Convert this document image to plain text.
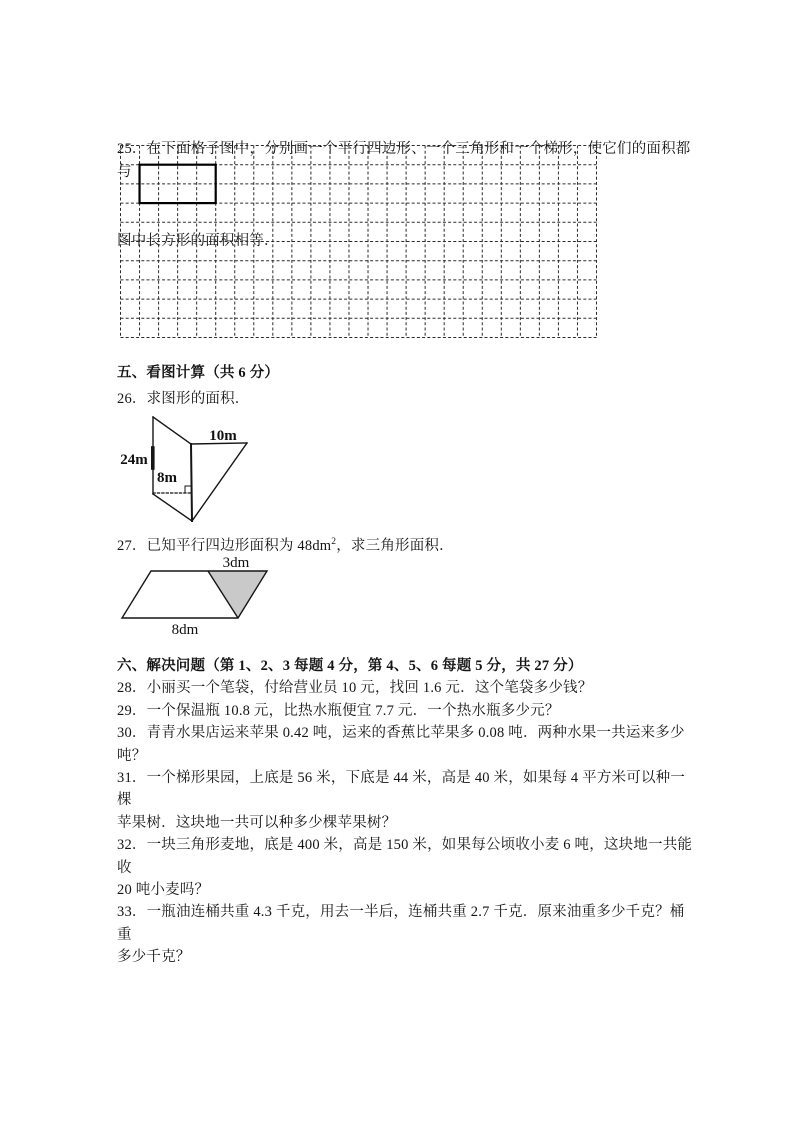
25．在下面格子图中，分别画一个平行四边形、一个三角形和一个梯形，使它们的面积都与

图中长方形的面积相等．

五、看图计算（共 6 分）
26．求图形的面积．
10m
24m
8m
27．已知平行四边形面积为 $48dm^2$，求三角形面积．
3dm
8dm
六、解决问题（第 1、2、3 每题 4 分，第 4、5、6 每题 5 分，共 27 分）
28．小丽买一个笔袋，付给营业员 10 元，找回 1.6 元．这个笔袋多少钱？
29．一个保温瓶 10.8 元，比热水瓶便宜 7.7 元．一个热水瓶多少元？
30．青青水果店运来苹果 0.42 吨，运来的香蕉比苹果多 0.08 吨．两种水果一共运来多少吨？
31．一个梯形果园，上底是 56 米，下底是 44 米，高是 40 米，如果每 4 平方米可以种一棵
苹果树．这块地一共可以种多少棵苹果树？
32．一块三角形麦地，底是 400 米，高是 150 米，如果每公顷收小麦 6 吨，这块地一共能收
20 吨小麦吗？
33．一瓶油连桶共重 4.3 千克，用去一半后，连桶共重 2.7 千克．原来油重多少千克？桶重
多少千克？
